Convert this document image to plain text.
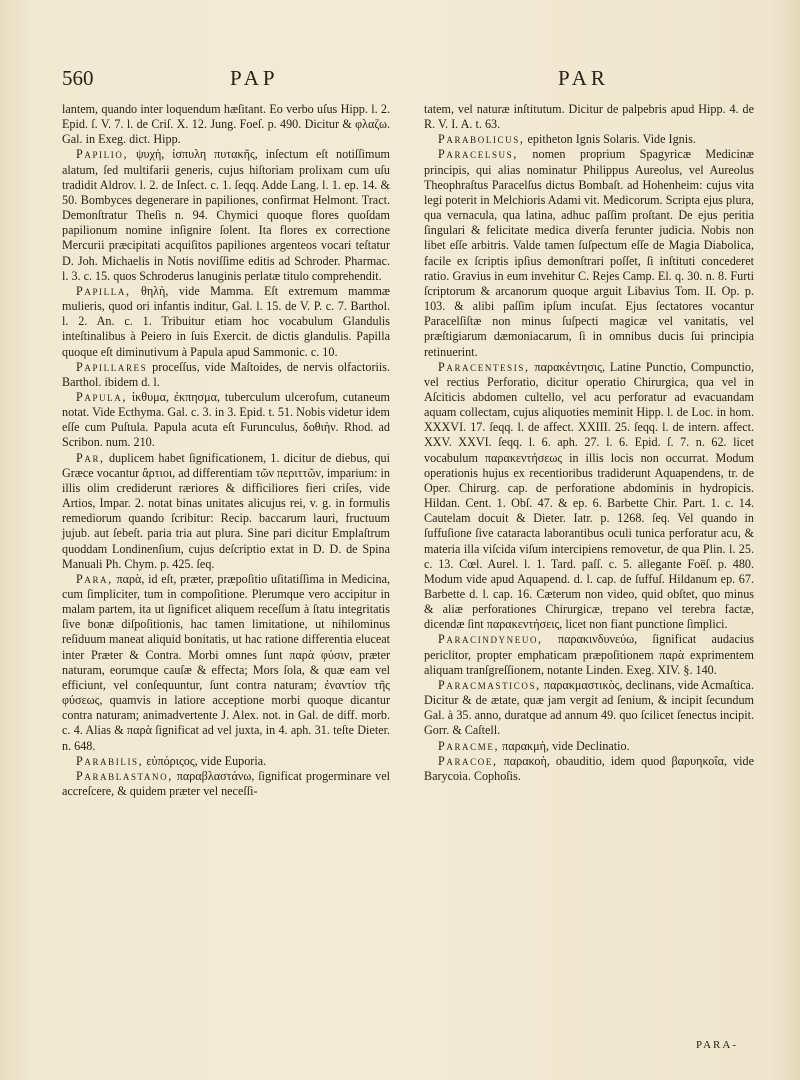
560	PAP	PAR

lantem, quando inter loquendum hæſitant. Eo verbo uſus Hipp. l. 2. Epid. ſ. V. 7. l. de Criſ. X. 12. Jung. Foeſ. p. 490. Dicitur & φλαζω. Gal. in Exeg. dict. Hipp.

Papilio, ψυχὴ, ἱσπυλη πυτακῆς, inſectum eſt notiſſimum alatum, ſed multifarii generis, cujus hiſtoriam prolixam cum uſu tradidit Aldrov. l. 2. de Inſect. c. 1. ſeqq. Adde Lang. l. 1. ep. 14. & 50. Bombyces degenerare in papiliones, confirmat Helmont. Tract. Demonſtratur Theſis n. 94. Chymici quoque flores quoſdam papilionum nomine inſignire ſolent. Ita flores ex correctione Mercurii præcipitati acquiſitos papiliones argenteos vocari teſtatur D. Joh. Michaelis in Notis noviſſime editis ad Schroder. Pharmac. l. 3. c. 15. quos Schroderus lanuginis perlatæ titulo comprehendit.

Papilla, θηλὴ, vide Mamma. Eſt extremum mammæ mulieris, quod ori infantis inditur, Gal. l. 15. de V. P. c. 7. Barthol. l. 2. An. c. 1. Tribuitur etiam hoc vocabulum Glandulis inteſtinalibus à Peiero in ſuis Exercit. de dictis glandulis. Papilla quoque eſt diminutivum à Papula apud Sammonic. c. 10.

Papillares proceſſus, vide Maſtoides, de nervis olfactoriis. Barthol. ibidem d. l.

Papula, ἰκθυμα, ἐκπησμα, tuberculum ulcerofum, cutaneum notat. Vide Ecthyma. Gal. c. 3. in 3. Epid. t. 51. Nobis videtur idem eſſe cum Puſtula. Papula acuta eſt Furunculus, δοθιὴν. Rhod. ad Scribon. num. 210.

Par, duplicem habet ſignificationem, 1. dicitur de diebus, qui Græce vocantur ἄρτιοι, ad differentiam τῶν περιττῶν, imparium: in illis olim crediderunt ræriores & difficiliores fieri criſes, vide Artios, Impar. 2. notat binas unitates alicujus rei, v. g. in formulis remediorum quando ſcribitur: Recip. baccarum lauri, fructuum jujub. aut ſebeſt. paria tria aut plura. Sine pari dicitur Emplaſtrum quoddam Londinenſium, cujus deſcriptio extat in D. D. de Spina Manuali Ph. Chym. p. 425. ſeq.

Para, παρὰ, id eſt, præter, præpoſitio uſitatiſſima in Medicina, cum ſimpliciter, tum in compoſitione. Plerumque vero accipitur in malam partem, ita ut ſignificet aliquem receſſum à ſtatu integritatis ſive bonæ diſpoſitionis, hac tamen limitatione, ut nihilominus reſiduum maneat aliquid bonitatis, ut hac ratione differentia eluceat inter Præter & Contra. Morbi omnes ſunt παρὰ φύσιν, præter naturam, eorumque cauſæ & effecta; Mors ſola, & quæ eam vel efficiunt, vel conſequuntur, ſunt contra naturam; ἐναντίον τῆς φύσεως, quamvis in latiore acceptione morbi quoque dicantur contra naturam; animadvertente J. Alex. not. in Gal. de diff. morb. c. 4. Alias & παρὰ ſignificat ad vel juxta, in 4. aph. 31. teſte Dieter. n. 648.

Parabilis, εὐπόριςος, vide Euporia.

Parablastano, παραβλαστάνω, ſignificat progerminare vel accreſcere, & quidem præter vel neceſſi-

tatem, vel naturæ inſtitutum. Dicitur de palpebris apud Hipp. 4. de R. V. I. A. t. 63.

Parabolicus, epitheton Ignis Solaris. Vide Ignis.

Paracelsus, nomen proprium Spagyricæ Medicinæ principis, qui alias nominatur Philippus Aureolus, vel Aureolus Theophraſtus Paracelſus dictus Bombaſt. ad Hohenheim: cujus vita legi poterit in Melchioris Adami vit. Medicorum. Scripta ejus plura, qua vernacula, qua latina, adhuc paſſim proſtant. De ejus peritia ſingulari & felicitate medica diverſa ferunter judicia. Nobis non libet eſſe arbitris. Valde tamen ſuſpectum eſſe de Magia Diabolica, facile ex ſcriptis ipſius demonſtrari poſſet, ſi inſtituti concederet ratio. Gravius in eum invehitur C. Rejes Camp. El. q. 30. n. 8. Furti ſcriptorum & arcanorum quoque arguit Libavius Tom. II. Op. p. 103. & alibi paſſim ipſum incuſat. Ejus ſectatores vocantur Paracelſiſtæ non minus ſuſpecti magicæ vel vanitatis, vel præſtigiarum dæmoniacarum, ſi in omnibus ducis ſui principia retinuerint.

Paracentesis, παρακέντησις, Latine Punctio, Compunctio, vel rectius Perforatio, dicitur operatio Chirurgica, qua vel in Aſciticis abdomen cultello, vel acu perforatur ad evacuandam aquam collectam, cujus aliquoties meminit Hipp. l. de Loc. in hom. XXXVI. 17. ſeqq. l. de affect. XXIII. 25. ſeqq. l. de intern. affect. XXV. XXVI. ſeqq. l. 6. aph. 27. l. 6. Epid. ſ. 7. n. 62. licet vocabulum παρακεντήσεως in illis locis non occurrat. Modum operationis hujus ex recentioribus tradiderunt Aquapendens, tr. de Oper. Chirurg. cap. de perforatione abdominis in hydropicis. Hildan. Cent. 1. Obſ. 47. & ep. 6. Barbette Chir. Part. 1. c. 14. Cautelam docuit & Dieter. Iatr. p. 1268. ſeq. Vel quando in ſuffuſione ſive cataracta laborantibus oculi tunica perforatur acu, & materia illa viſcida viſum intercipiens removetur, de qua Plin. l. 25. c. 13. Cœl. Aurel. l. 1. Tard. paſſ. c. 5. allegante Foëſ. p. 480. Modum vide apud Aquapend. d. l. cap. de ſuffuſ. Hildanum ep. 67. Barbette d. l. cap. 16. Cæterum non video, quid obſtet, quo minus & aliæ perforationes Chirurgicæ, trepano vel terebra factæ, dicendæ ſint παρακεντήσεις, licet non fiant punctione ſimplici.

Paracindyneuo, παρακινδυνεύω, ſignificat audacius periclitor, propter emphaticam præpoſitionem παρὰ exprimentem aliquam tranſgreſſionem, notante Linden. Exeg. XIV. §. 140.

Paracmasticos, παρακμαστικὸς, declinans, vide Acmaſtica. Dicitur & de ætate, quæ jam vergit ad ſenium, & incipit ſecundum Gal. à 35. anno, duratque ad annum 49. quo ſcilicet ſenectus incipit. Gorr. & Caſtell.

Paracme, παρακμὴ, vide Declinatio.

Paracoe, παρακοὴ, obauditio, idem quod βαρυηκοΐα, vide Barycoia. Cophoſis.

PARA-
